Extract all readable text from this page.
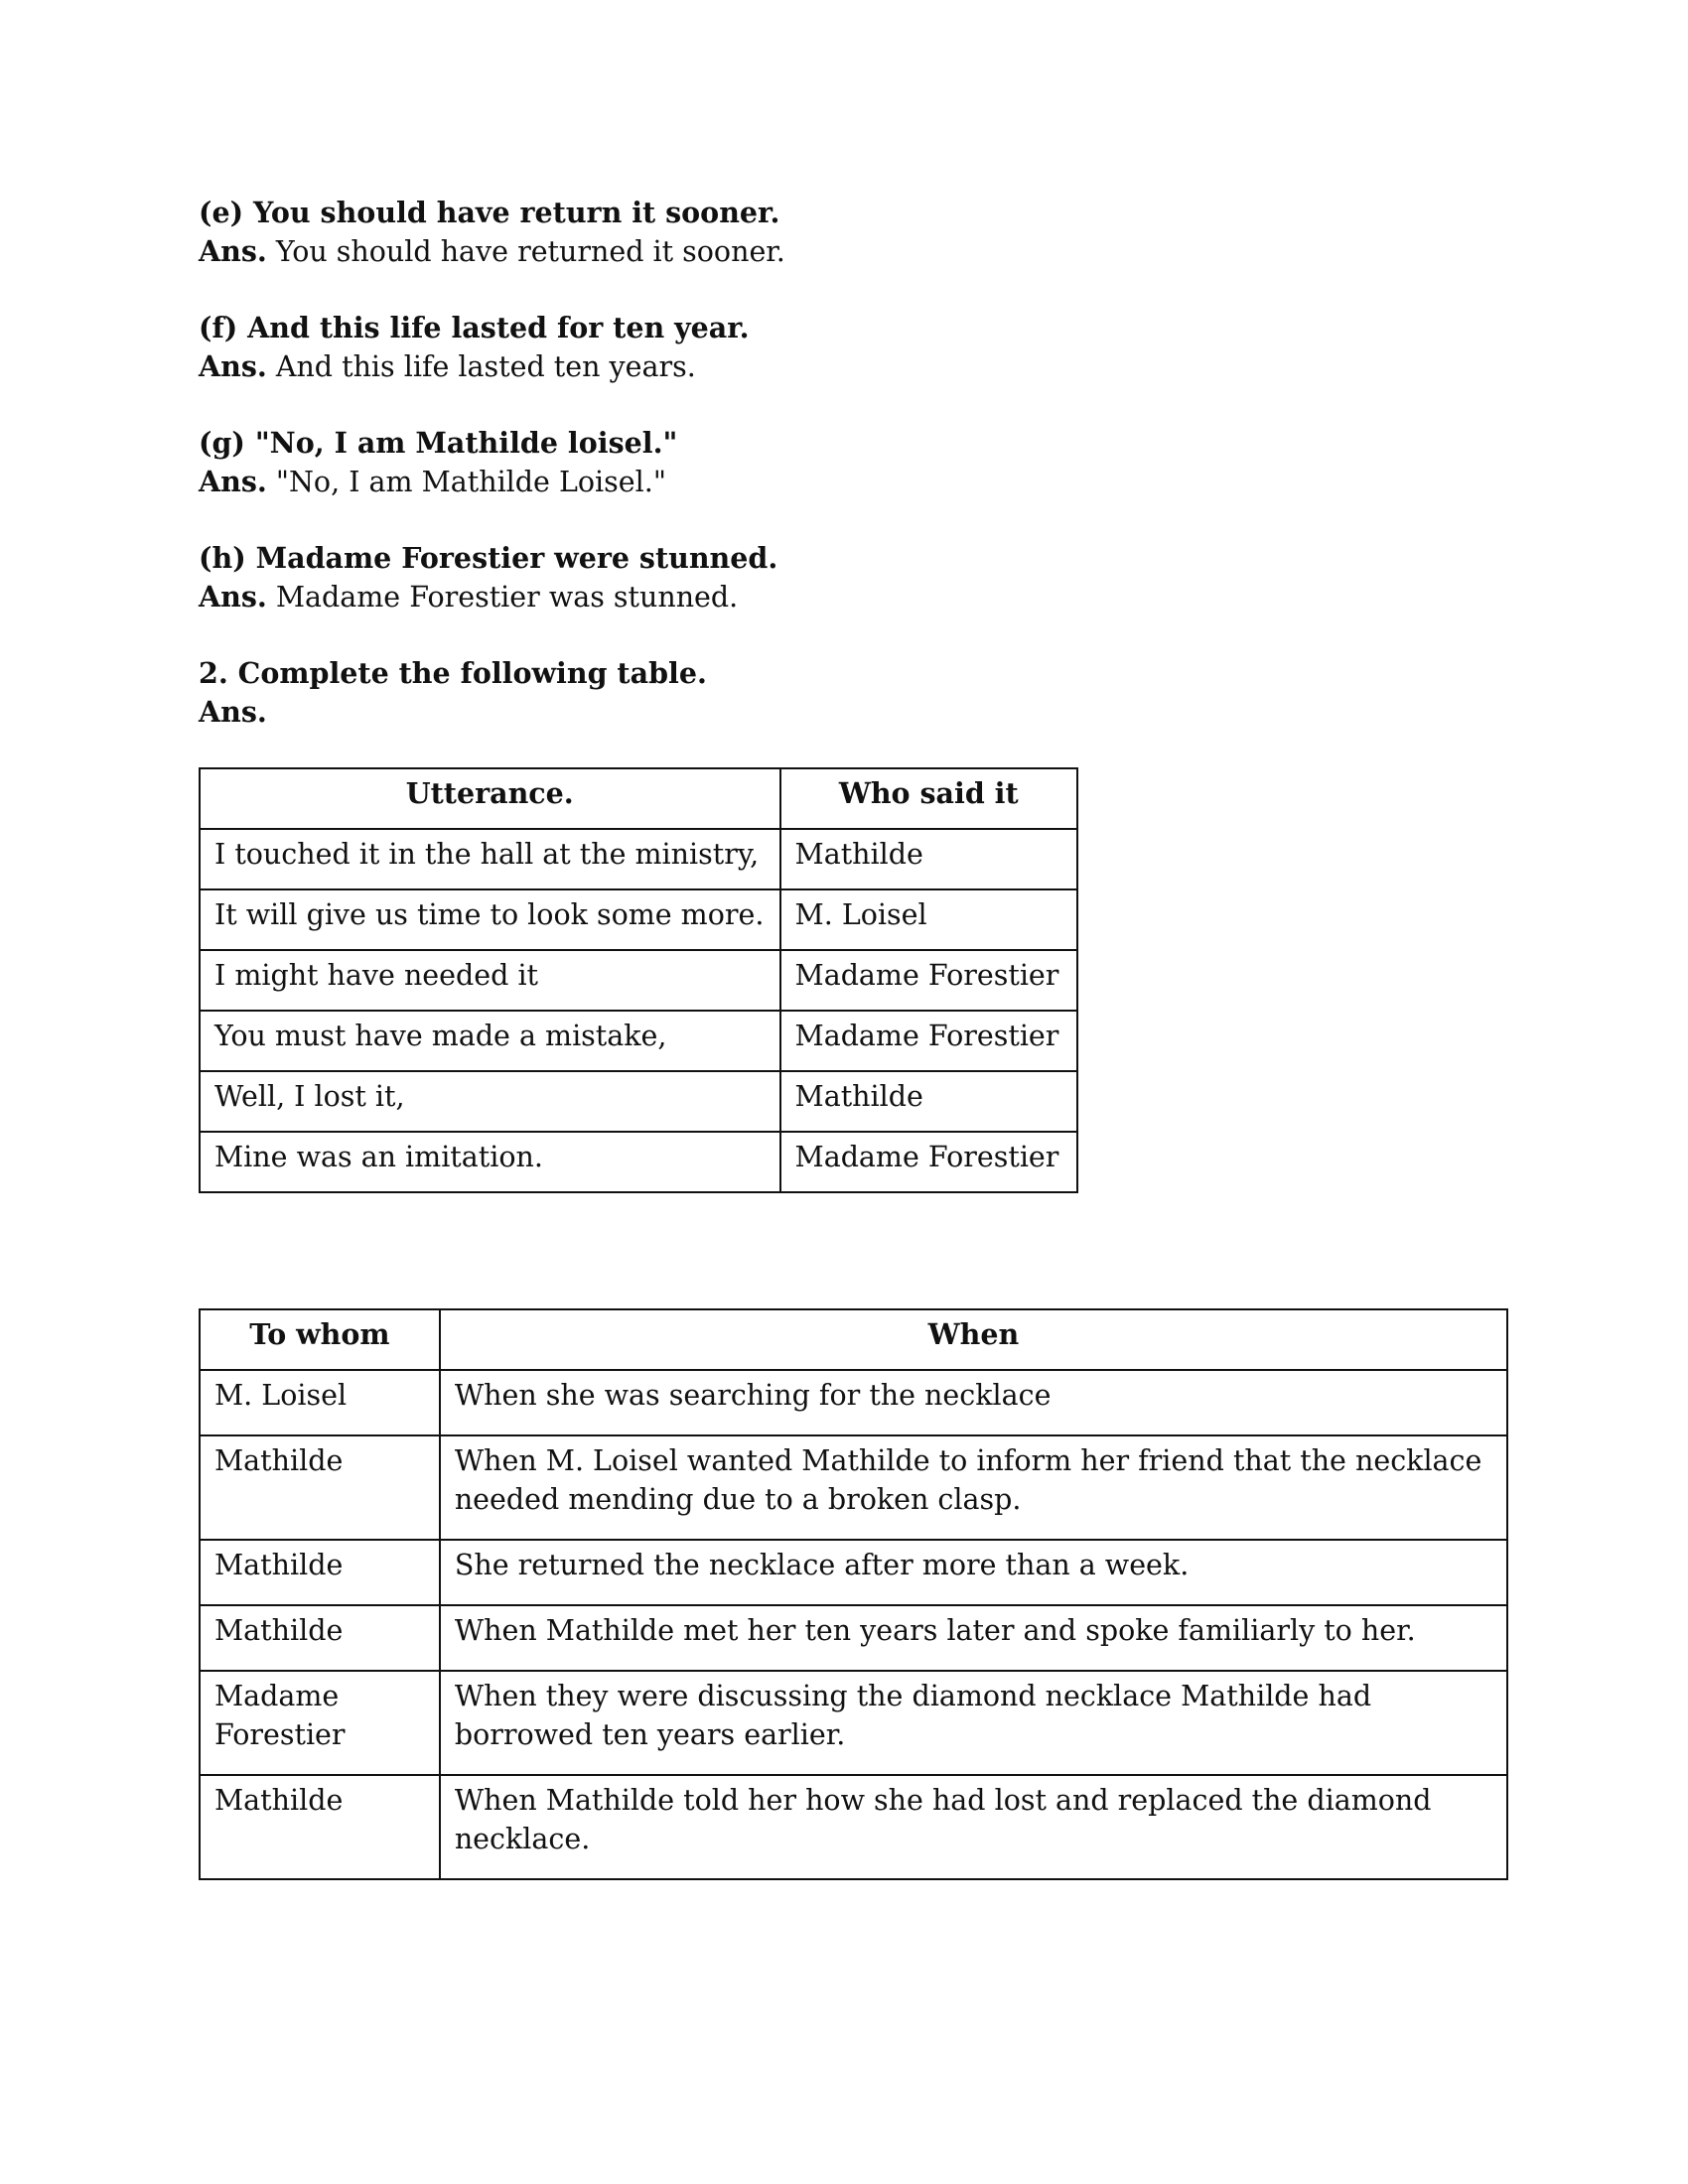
(e) You should have return it sooner.

Ans. You should have returned it sooner.

(f) And this life lasted for ten year.

Ans. And this life lasted ten years.

(g) "No, I am Mathilde loisel."

Ans. "No, I am Mathilde Loisel."

(h) Madame Forestier were stunned.

Ans. Madame Forestier was stunned.

2. Complete the following table.

Ans.

Utterance.	Who said it
I touched it in the hall at the ministry,	Mathilde
It will give us time to look some more.	M. Loisel
I might have needed it	Madame Forestier
You must have made a mistake,	Madame Forestier
Well, I lost it,	Mathilde
Mine was an imitation.	Madame Forestier
To whom	When
M. Loisel	When she was searching for the necklace
Mathilde	When M. Loisel wanted Mathilde to inform her friend that the necklace needed mending due to a broken clasp.
Mathilde	She returned the necklace after more than a week.
Mathilde	When Mathilde met her ten years later and spoke familiarly to her.
Madame Forestier	When they were discussing the diamond necklace Mathilde had borrowed ten years earlier.
Mathilde	When Mathilde told her how she had lost and replaced the diamond necklace.
